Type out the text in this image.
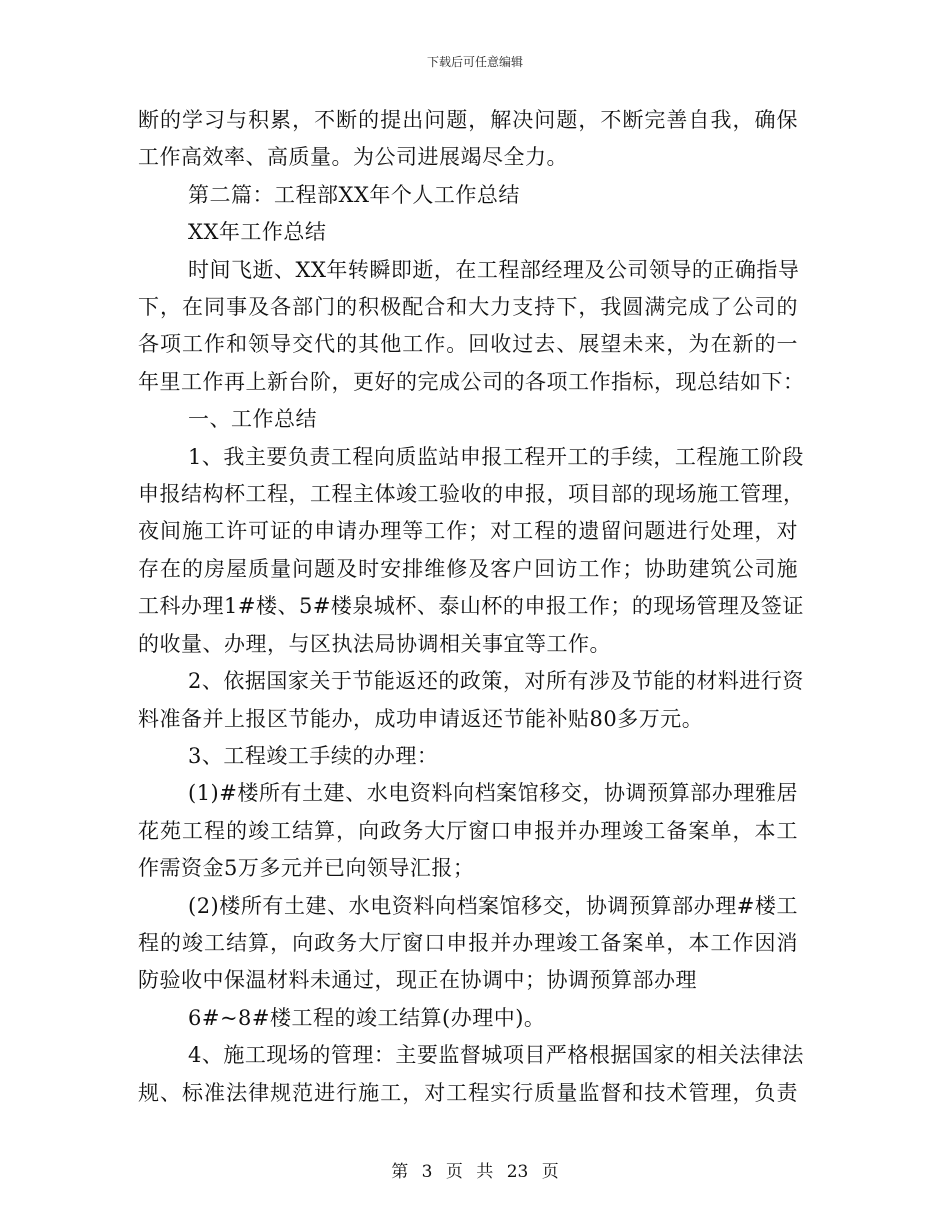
下载后可任意编辑
断的学习与积累，不断的提出问题，解决问题，不断完善自我，确保
工作高效率、高质量。为公司进展竭尽全力。
第二篇：工程部XX年个人工作总结
XX年工作总结
时间飞逝、XX年转瞬即逝，在工程部经理及公司领导的正确指导
下，在同事及各部门的积极配合和大力支持下，我圆满完成了公司的
各项工作和领导交代的其他工作。回收过去、展望未来，为在新的一
年里工作再上新台阶，更好的完成公司的各项工作指标，现总结如下：
一、工作总结
1、我主要负责工程向质监站申报工程开工的手续，工程施工阶段
申报结构杯工程，工程主体竣工验收的申报，项目部的现场施工管理，
夜间施工许可证的申请办理等工作；对工程的遗留问题进行处理，对
存在的房屋质量问题及时安排维修及客户回访工作；协助建筑公司施
工科办理1#楼、5#楼泉城杯、泰山杯的申报工作；的现场管理及签证
的收量、办理，与区执法局协调相关事宜等工作。
2、依据国家关于节能返还的政策，对所有涉及节能的材料进行资
料准备并上报区节能办，成功申请返还节能补贴80多万元。
3、工程竣工手续的办理：
(1)#楼所有土建、水电资料向档案馆移交，协调预算部办理雅居
花苑工程的竣工结算，向政务大厅窗口申报并办理竣工备案单，本工
作需资金5万多元并已向领导汇报；
(2)楼所有土建、水电资料向档案馆移交，协调预算部办理#楼工
程的竣工结算，向政务大厅窗口申报并办理竣工备案单，本工作因消
防验收中保温材料未通过，现正在协调中；协调预算部办理
6#~8#楼工程的竣工结算(办理中)。
4、施工现场的管理：主要监督城项目严格根据国家的相关法律法
规、标准法律规范进行施工，对工程实行质量监督和技术管理，负责
第 3 页 共 23 页
